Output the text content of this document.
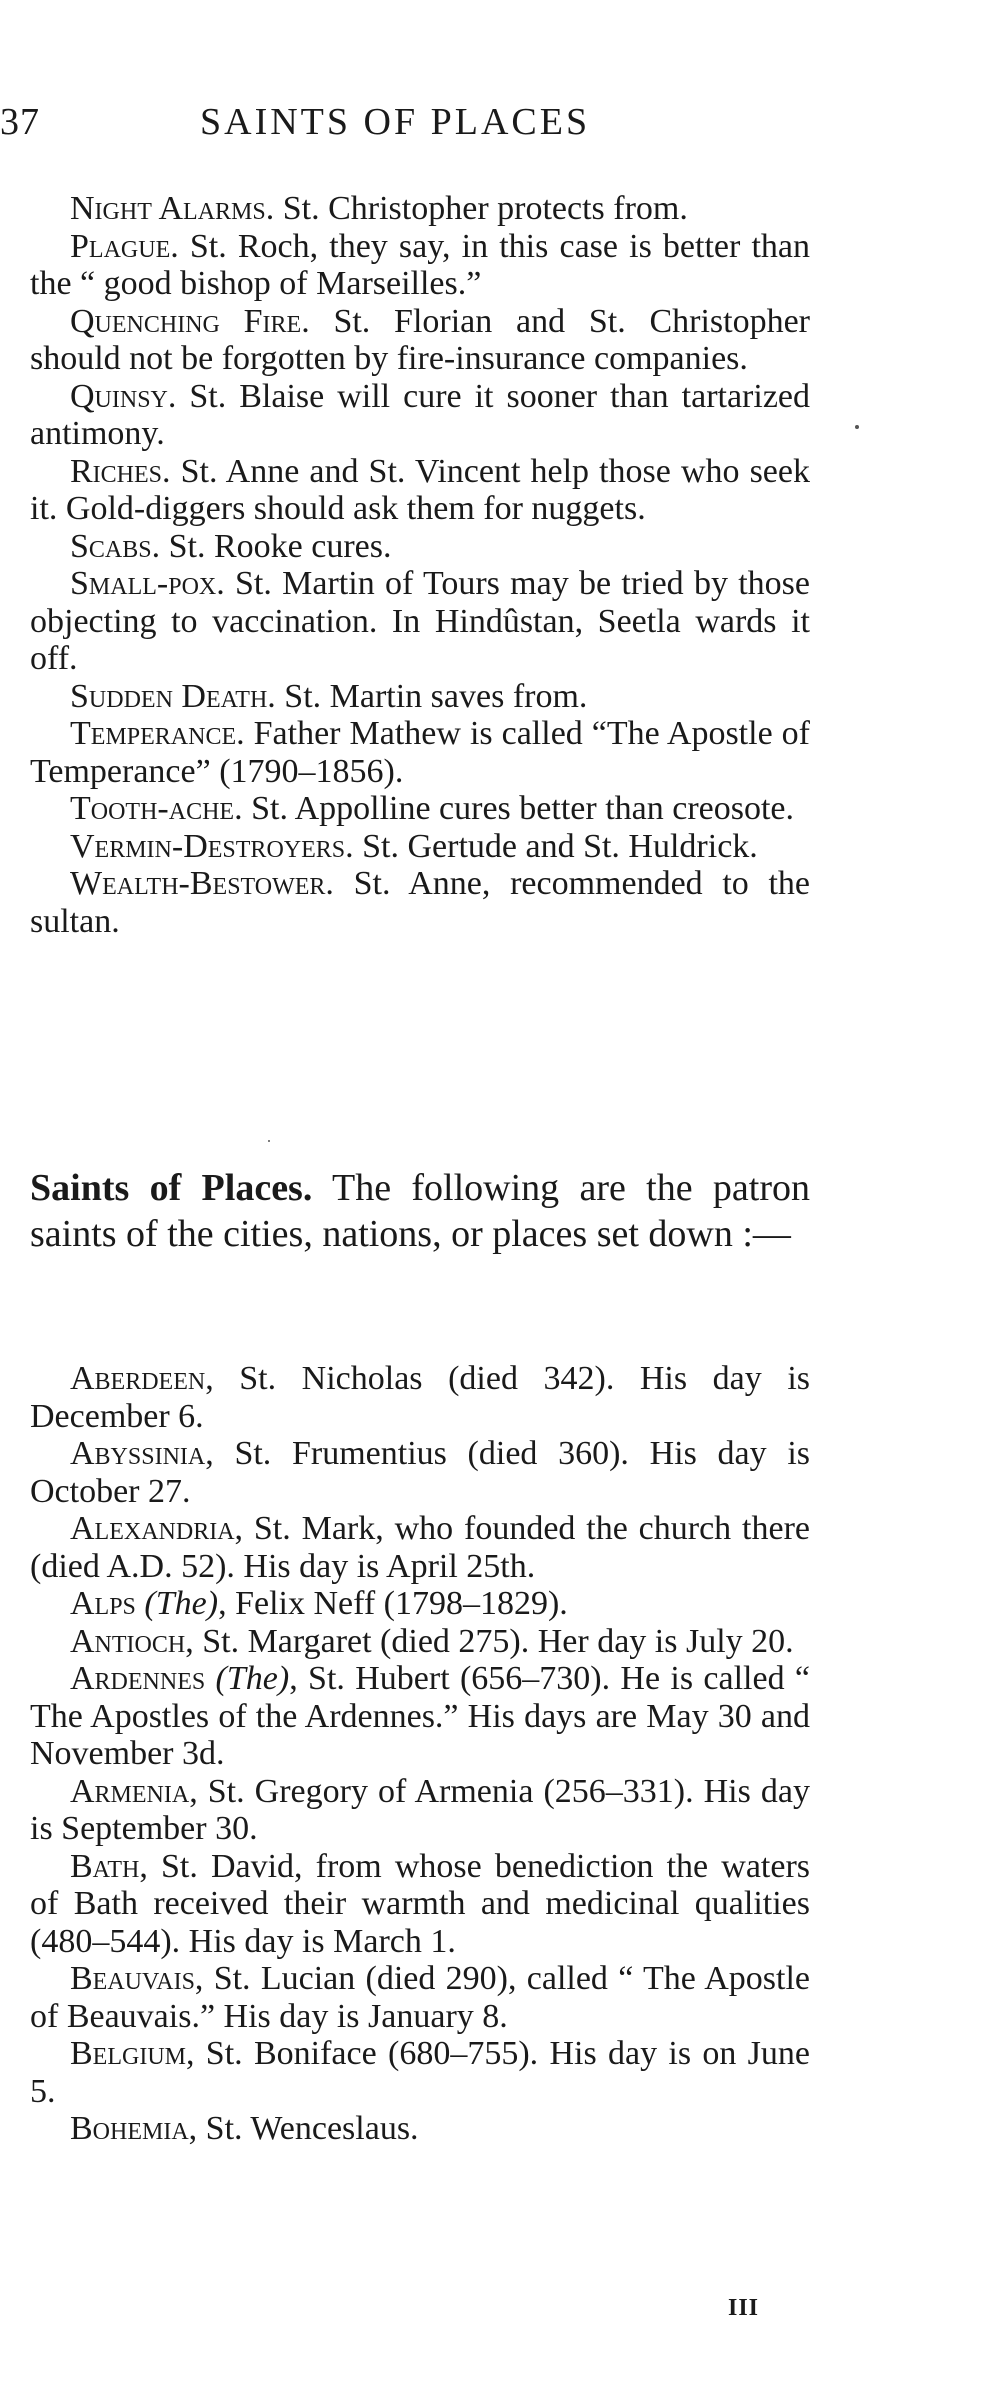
37	SAINTS OF PLACES

Night Alarms. St. Christopher protects from.

Plague. St. Roch, they say, in this case is better than the “ good bishop of Marseilles.”

Quenching Fire. St. Florian and St. Christopher should not be forgotten by fire-insurance companies.

Quinsy. St. Blaise will cure it sooner than tartarized antimony.

Riches. St. Anne and St. Vincent help those who seek it. Gold-diggers should ask them for nuggets.

Scabs. St. Rooke cures.

Small-pox. St. Martin of Tours may be tried by those objecting to vaccination. In Hindûstan, Seetla wards it off.

Sudden Death. St. Martin saves from.

Temperance. Father Mathew is called “The Apostle of Temperance” (1790–1856).

Tooth-ache. St. Appolline cures better than creosote.

Vermin-Destroyers. St. Gertude and St. Huldrick.

Wealth-Bestower. St. Anne, recommended to the sultan.

Saints of Places. The following are the patron saints of the cities, nations, or places set down :—

Aberdeen, St. Nicholas (died 342). His day is December 6.

Abyssinia, St. Frumentius (died 360). His day is October 27.

Alexandria, St. Mark, who founded the church there (died A.D. 52). His day is April 25th.

Alps (The), Felix Neff (1798–1829).

Antioch, St. Margaret (died 275). Her day is July 20.

Ardennes (The), St. Hubert (656–730). He is called “ The Apostles of the Ardennes.” His days are May 30 and November 3d.

Armenia, St. Gregory of Armenia (256–331). His day is September 30.

Bath, St. David, from whose benediction the waters of Bath received their warmth and medicinal qualities (480–544). His day is March 1.

Beauvais, St. Lucian (died 290), called “ The Apostle of Beauvais.” His day is January 8.

Belgium, St. Boniface (680–755). His day is on June 5.

Bohemia, St. Wenceslaus.

III
